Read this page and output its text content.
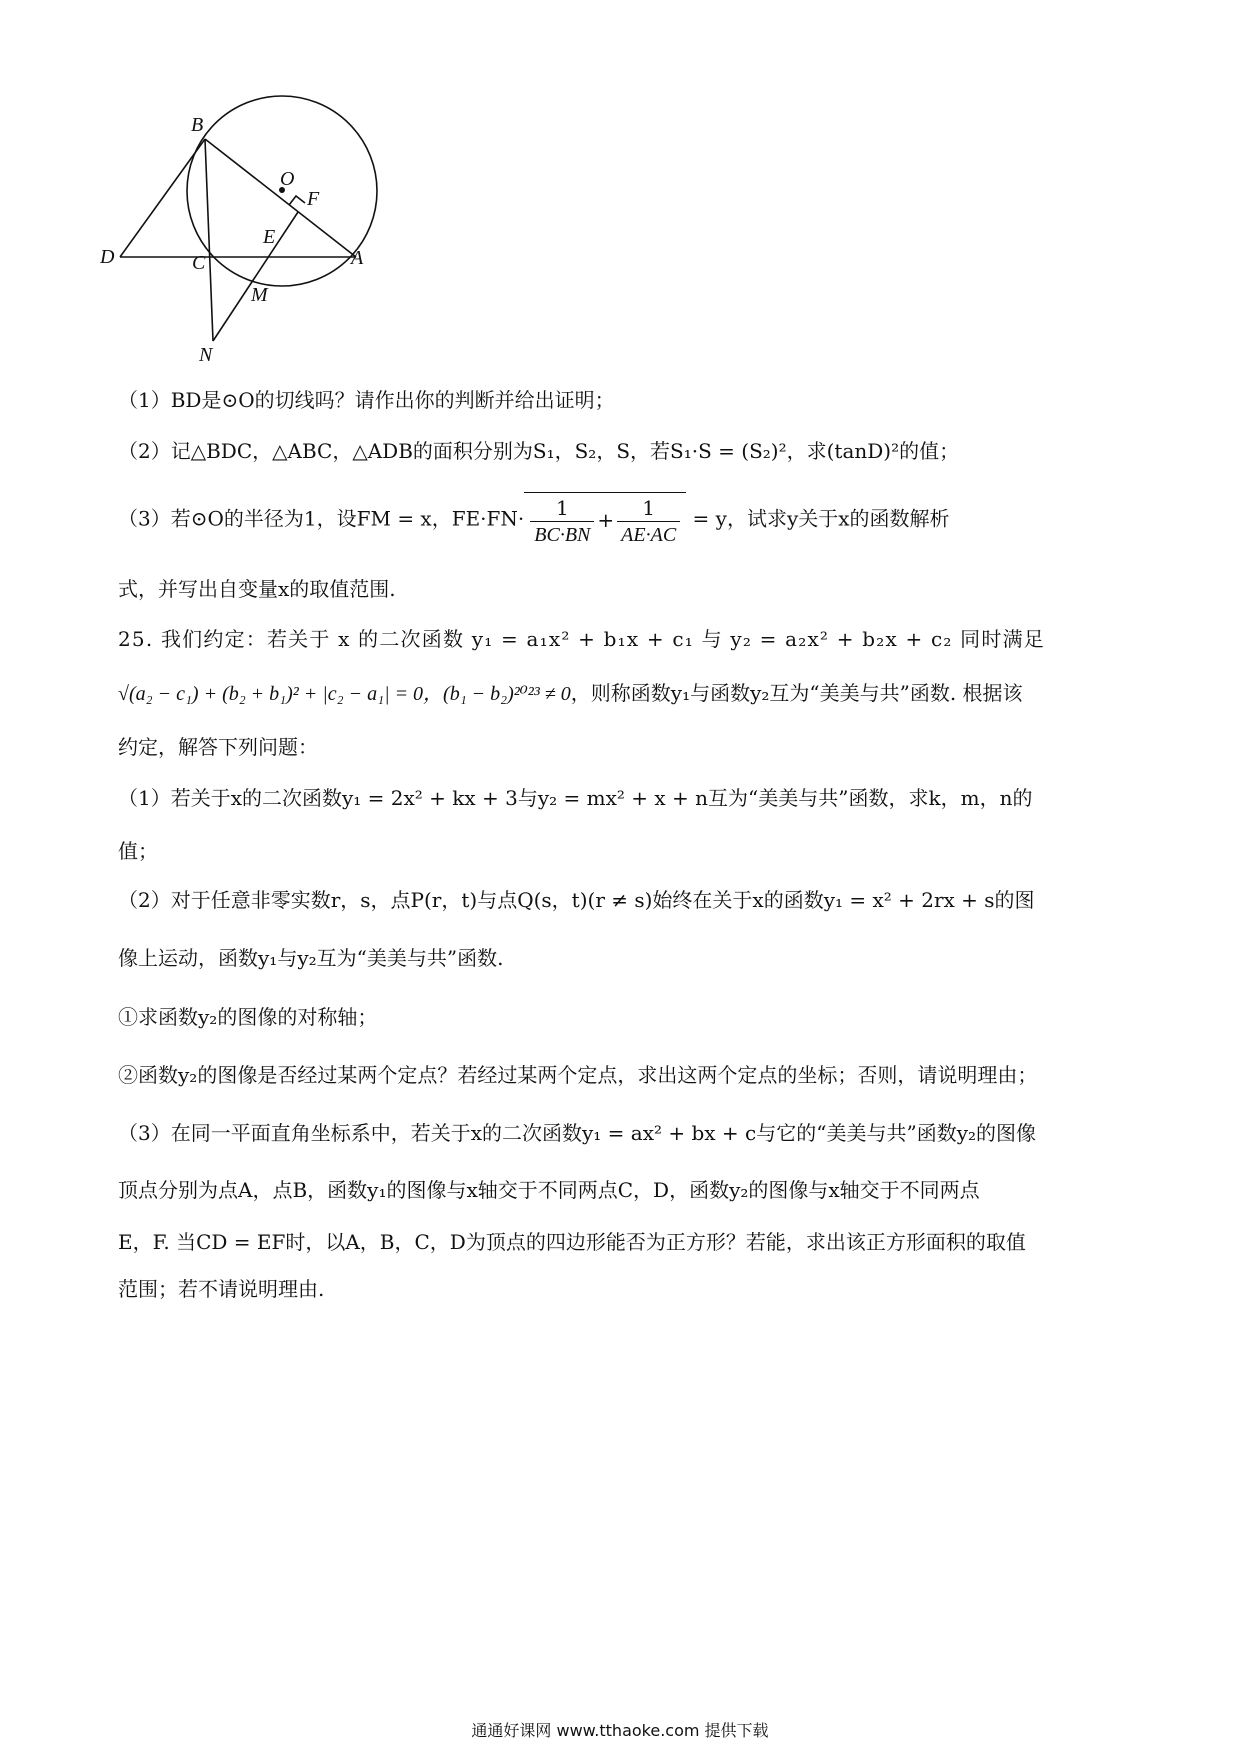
B
O
F
E
D	C	A
M
N
（1）BD是⊙O的切线吗？请作出你的判断并给出证明；
（2）记△BDC，△ABC，△ADB的面积分别为S₁，S₂，S，若S₁·S = (S₂)²，求(tanD)²的值；
（3）若⊙O的半径为1，设FM = x，$FE\cdot FN\cdot \frac{1}{BC\cdot BN} + \frac{1}{AE\cdot AC} = y$，试求y关于x的函数解析
式，并写出自变量x的取值范围.
25. 我们约定：若关于 x 的二次函数 y₁ = a₁x² + b₁x + c₁ 与 y₂ = a₂x² + b₂x + c₂ 同时满足
√(a₂ − c₁) + (b₂ + b₁)² + |c₂ − a₁| = 0，(b₁ − b₂)²⁰²³ ≠ 0，则称函数y₁与函数y₂互为“美美与共”函数. 根据该
约定，解答下列问题：
（1）若关于x的二次函数y₁ = 2x² + kx + 3与y₂ = mx² + x + n互为“美美与共”函数，求k，m，n的
值；
（2）对于任意非零实数r，s，点P(r，t)与点Q(s，t)(r ≠ s)始终在关于x的函数y₁ = x² + 2rx + s的图
像上运动，函数y₁与y₂互为“美美与共”函数.
①求函数y₂的图像的对称轴；
②函数y₂的图像是否经过某两个定点？若经过某两个定点，求出这两个定点的坐标；否则，请说明理由；
（3）在同一平面直角坐标系中，若关于x的二次函数y₁ = ax² + bx + c与它的“美美与共”函数y₂的图像
顶点分别为点A，点B，函数y₁的图像与x轴交于不同两点C，D，函数y₂的图像与x轴交于不同两点
E，F. 当CD = EF时，以A，B，C，D为顶点的四边形能否为正方形？若能，求出该正方形面积的取值
范围；若不请说明理由.
通通好课网 www.tthaoke.com 提供下载
